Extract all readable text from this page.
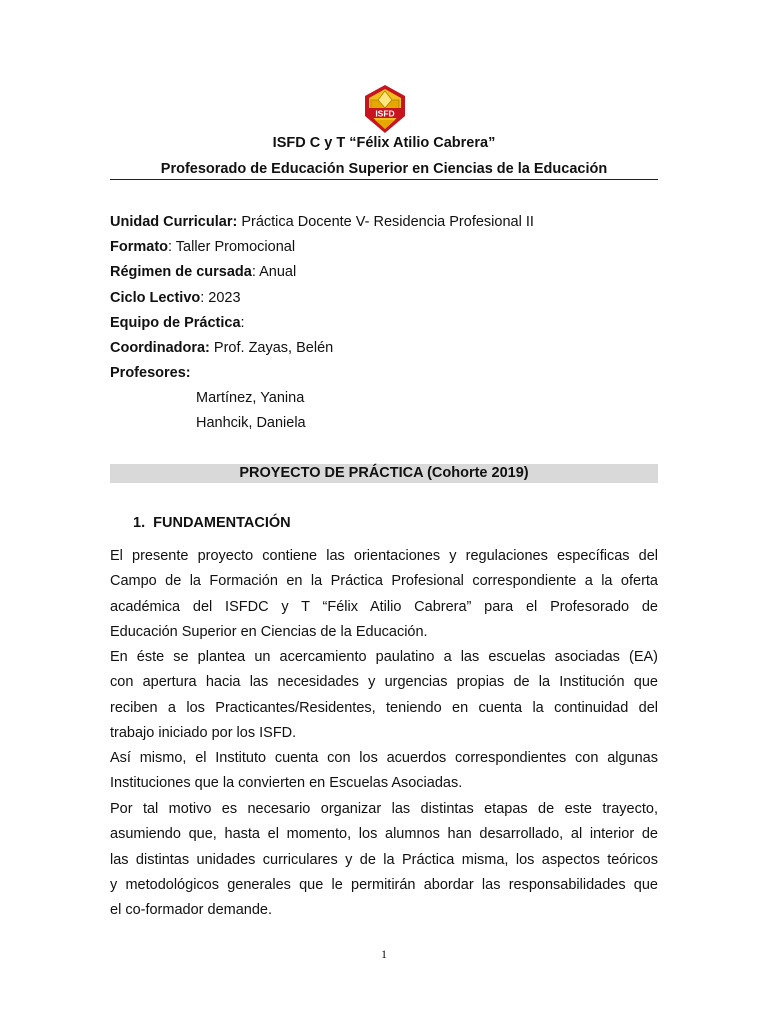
ISFD
ISFD C y T “Félix Atilio Cabrera”
Profesorado de Educación Superior en Ciencias de la Educación
Unidad Curricular: Práctica Docente V- Residencia Profesional II
Formato: Taller Promocional
Régimen de cursada: Anual
Ciclo Lectivo: 2023
Equipo de Práctica:
Coordinadora: Prof. Zayas, Belén
Profesores:
Martínez, Yanina
Hanhcik, Daniela
PROYECTO DE PRÁCTICA (Cohorte 2019)
1. FUNDAMENTACIÓN
El presente proyecto contiene las orientaciones y regulaciones específicas del
Campo de la Formación en la Práctica Profesional correspondiente a la oferta
académica del ISFDC y T “Félix Atilio Cabrera” para el Profesorado de
Educación Superior en Ciencias de la Educación.
En éste se plantea un acercamiento paulatino a las escuelas asociadas (EA)
con apertura hacia las necesidades y urgencias propias de la Institución que
reciben a los Practicantes/Residentes, teniendo en cuenta la continuidad del
trabajo iniciado por los ISFD.
Así mismo, el Instituto cuenta con los acuerdos correspondientes con algunas
Instituciones que la convierten en Escuelas Asociadas.
Por tal motivo es necesario organizar las distintas etapas de este trayecto,
asumiendo que, hasta el momento, los alumnos han desarrollado, al interior de
las distintas unidades curriculares y de la Práctica misma, los aspectos teóricos
y metodológicos generales que le permitirán abordar las responsabilidades que
el co-formador demande.
1
